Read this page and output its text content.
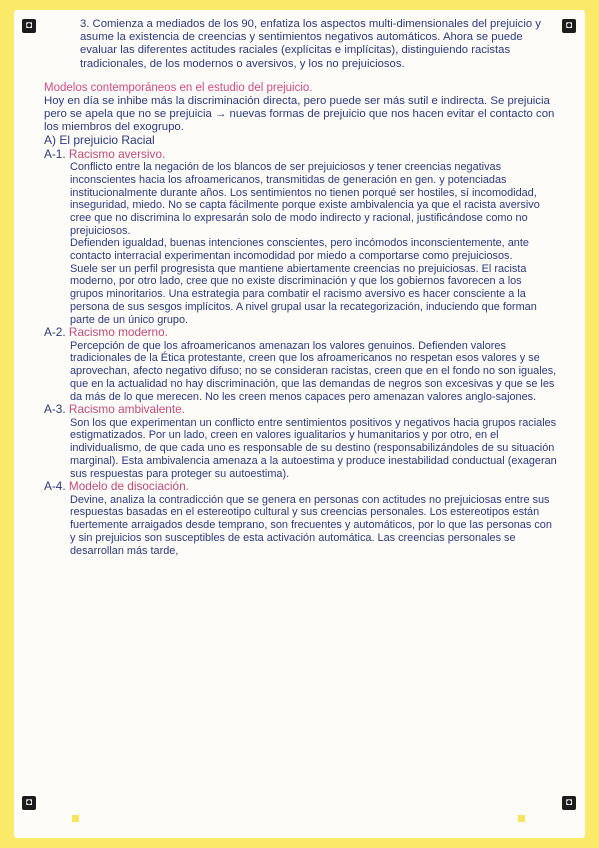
◘	◘
◘	◘

3. Comienza a mediados de los 90, enfatiza los aspectos multi-dimensionales del prejuicio y asume la existencia de creencias y sentimientos negativos automáticos. Ahora se puede evaluar las diferentes actitudes raciales (explícitas e implícitas), distinguiendo racistas tradicionales, de los modernos o aversivos, y los no prejuiciosos.

Modelos contemporáneos en el estudio del prejuicio.

Hoy en día se inhibe más la discriminación directa, pero puede ser más sutil e indirecta. Se prejuicia pero se apela que no se prejuicia → nuevas formas de prejuicio que nos hacen evitar el contacto con los miembros del exogrupo.

A) El prejuicio Racial

A-1. Racismo aversivo.

Conflicto entre la negación de los blancos de ser prejuiciosos y tener creencias negativas inconscientes hacia los afroamericanos, transmitidas de generación en gen. y potenciadas institucionalmente durante años. Los sentimientos no tienen porqué ser hostiles, sí incomodidad, inseguridad, miedo. No se capta fácilmente porque existe ambivalencia ya que el racista aversivo cree que no discrimina lo expresarán solo de modo indirecto y racional, justificándose como no prejuiciosos.

Defienden igualdad, buenas intenciones conscientes, pero incómodos inconscientemente, ante contacto interracial experimentan incomodidad por miedo a comportarse como prejuiciosos.

Suele ser un perfil progresista que mantiene abiertamente creencias no prejuiciosas. El racista moderno, por otro lado, cree que no existe discriminación y que los gobiernos favorecen a los grupos minoritarios. Una estrategia para combatir el racismo aversivo es hacer consciente a la persona de sus sesgos implícitos. A nivel grupal usar la recategorización, induciendo que forman parte de un único grupo.

A-2. Racismo moderno.

Percepción de que los afroamericanos amenazan los valores genuinos. Defienden valores tradicionales de la Ética protestante, creen que los afroamericanos no respetan esos valores y se aprovechan, afecto negativo difuso; no se consideran racistas, creen que en el fondo no son iguales, que en la actualidad no hay discriminación, que las demandas de negros son excesivas y que se les da más de lo que merecen. No les creen menos capaces pero amenazan valores anglo-sajones.

A-3. Racismo ambivalente.

Son los que experimentan un conflicto entre sentimientos positivos y negativos hacia grupos raciales estigmatizados. Por un lado, creen en valores igualitarios y humanitarios y por otro, en el individualismo, de que cada uno es responsable de su destino (responsabilizándoles de su situación marginal). Esta ambivalencia amenaza a la autoestima y produce inestabilidad conductual (exageran sus respuestas para proteger su autoestima).

A-4. Modelo de disociación.

Devine, analiza la contradicción que se genera en personas con actitudes no prejuiciosas entre sus respuestas basadas en el estereotipo cultural y sus creencias personales. Los estereotipos están fuertemente arraigados desde temprano, son frecuentes y automáticos, por lo que las personas con y sin prejuicios son susceptibles de esta activación automática. Las creencias personales se desarrollan más tarde,
